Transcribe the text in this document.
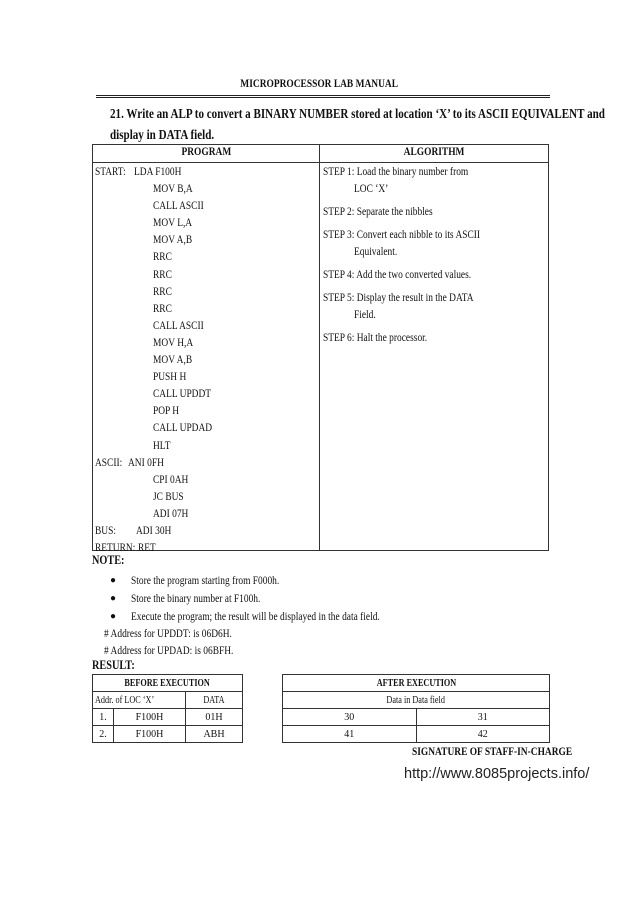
MICROPROCESSOR LAB MANUAL
21. Write an ALP to convert a BINARY NUMBER stored at location ‘X’ to its ASCII EQUIVALENT and
display in DATA field.
PROGRAM	ALGORITHM
START: LDA F100H
MOV B,A
CALL ASCII
MOV L,A
MOV A,B
RRC
RRC
RRC
RRC
CALL ASCII
MOV H,A
MOV A,B
PUSH H
CALL UPDDT
POP H
CALL UPDAD
HLT
ASCII: ANI 0FH
CPI 0AH
JC BUS
ADI 07H
BUS: ADI 30H
RETURN: RET
STEP 1: Load the binary number from
LOC ‘X’
STEP 2: Separate the nibbles
STEP 3: Convert each nibble to its ASCII
Equivalent.
STEP 4: Add the two converted values.
STEP 5: Display the result in the DATA
Field.
STEP 6: Halt the processor.
NOTE:
● Store the program starting from F000h.
● Store the binary number at F100h.
● Execute the program; the result will be displayed in the data field.
# Address for UPDDT: is 06D6H.
# Address for UPDAD: is 06BFH.
RESULT:
BEFORE EXECUTION		
Addr. of LOC ‘X’		DATA
1.	F100H	01H
2.	F100H	ABH
AFTER EXECUTION	
Data in Data field	
30	31
41	42
SIGNATURE OF STAFF-IN-CHARGE
http://www.8085projects.info/
